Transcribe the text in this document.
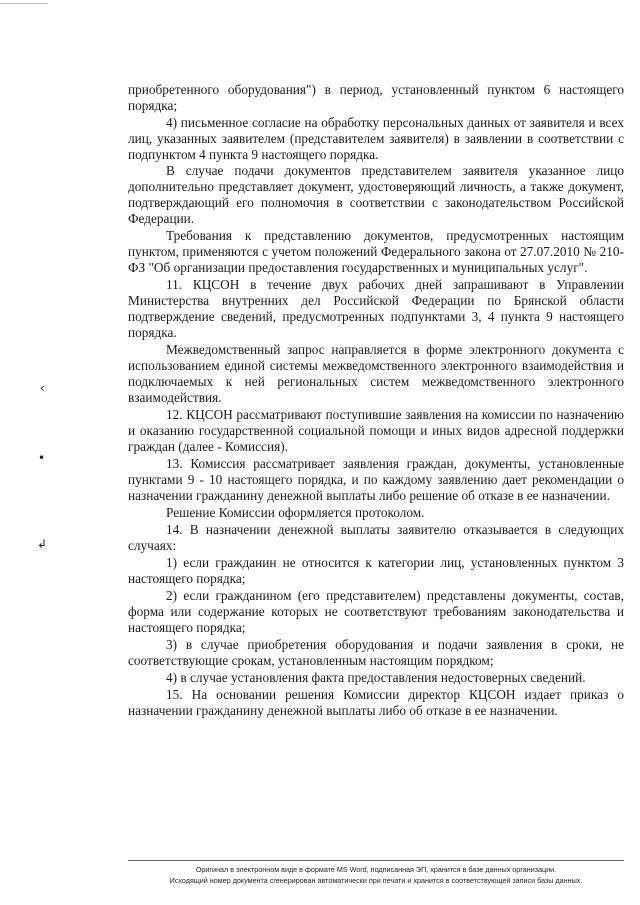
‹
•
↲

приобретенного оборудования") в период, установленный пунктом 6 настоящего порядка;

4) письменное согласие на обработку персональных данных от заявителя и всех лиц, указанных заявителем (представителем заявителя) в заявлении в соответствии с подпунктом 4 пункта 9 настоящего порядка.

В случае подачи документов представителем заявителя указанное лицо дополнительно представляет документ, удостоверяющий личность, а также документ, подтверждающий его полномочия в соответствии с законодательством Российской Федерации.

Требования к представлению документов, предусмотренных настоящим пунктом, применяются с учетом положений Федерального закона от 27.07.2010 № 210-ФЗ "Об организации предоставления государственных и муниципальных услуг".

11. КЦСОН в течение двух рабочих дней запрашивают в Управлении Министерства внутренних дел Российской Федерации по Брянской области подтверждение сведений, предусмотренных подпунктами 3, 4 пункта 9 настоящего порядка.

Межведомственный запрос направляется в форме электронного документа с использованием единой системы межведомственного электронного взаимодействия и подключаемых к ней региональных систем межведомственного электронного взаимодействия.

12. КЦСОН рассматривают поступившие заявления на комиссии по назначению и оказанию государственной социальной помощи и иных видов адресной поддержки граждан (далее - Комиссия).

13. Комиссия рассматривает заявления граждан, документы, установленные пунктами 9 - 10 настоящего порядка, и по каждому заявлению дает рекомендации о назначении гражданину денежной выплаты либо решение об отказе в ее назначении.

Решение Комиссии оформляется протоколом.

14. В назначении денежной выплаты заявителю отказывается в следующих случаях:

1) если гражданин не относится к категории лиц, установленных пунктом 3 настоящего порядка;

2) если гражданином (его представителем) представлены документы, состав, форма или содержание которых не соответствуют требованиям законодательства и настоящего порядка;

3) в случае приобретения оборудования и подачи заявления в сроки, не соответствующие срокам, установленным настоящим порядком;

4) в случае установления факта предоставления недостоверных сведений.

15. На основании решения Комиссии директор КЦСОН издает приказ о назначении гражданину денежной выплаты либо об отказе в ее назначении.

Оригинал в электронном виде в формате MS Word, подписанная ЭП, хранится в базе данных организации.

Исходящий номер документа сгенерирован автоматически при печати и хранится в соответствующей записи базы данных.
